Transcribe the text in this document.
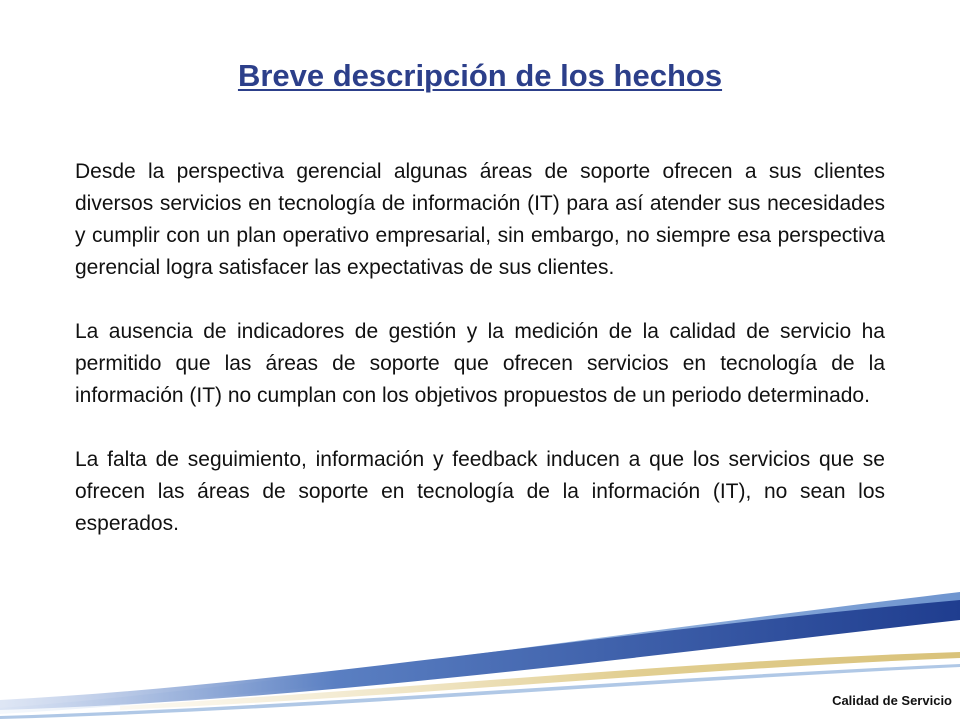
Breve descripción de los hechos

Desde la perspectiva gerencial algunas áreas de soporte ofrecen a sus clientes diversos servicios en tecnología de información (IT) para así atender sus necesidades y cumplir con un plan operativo empresarial, sin embargo, no siempre esa perspectiva gerencial logra satisfacer las expectativas de sus clientes.

La ausencia de indicadores de gestión y la medición de la calidad de servicio ha permitido que las áreas de soporte que ofrecen servicios en tecnología de la información (IT) no cumplan con los objetivos propuestos de un periodo determinado.

La falta de seguimiento, información y feedback inducen a que los servicios que se ofrecen las áreas de soporte en tecnología de la información (IT), no sean los esperados.

Calidad de Servicio
